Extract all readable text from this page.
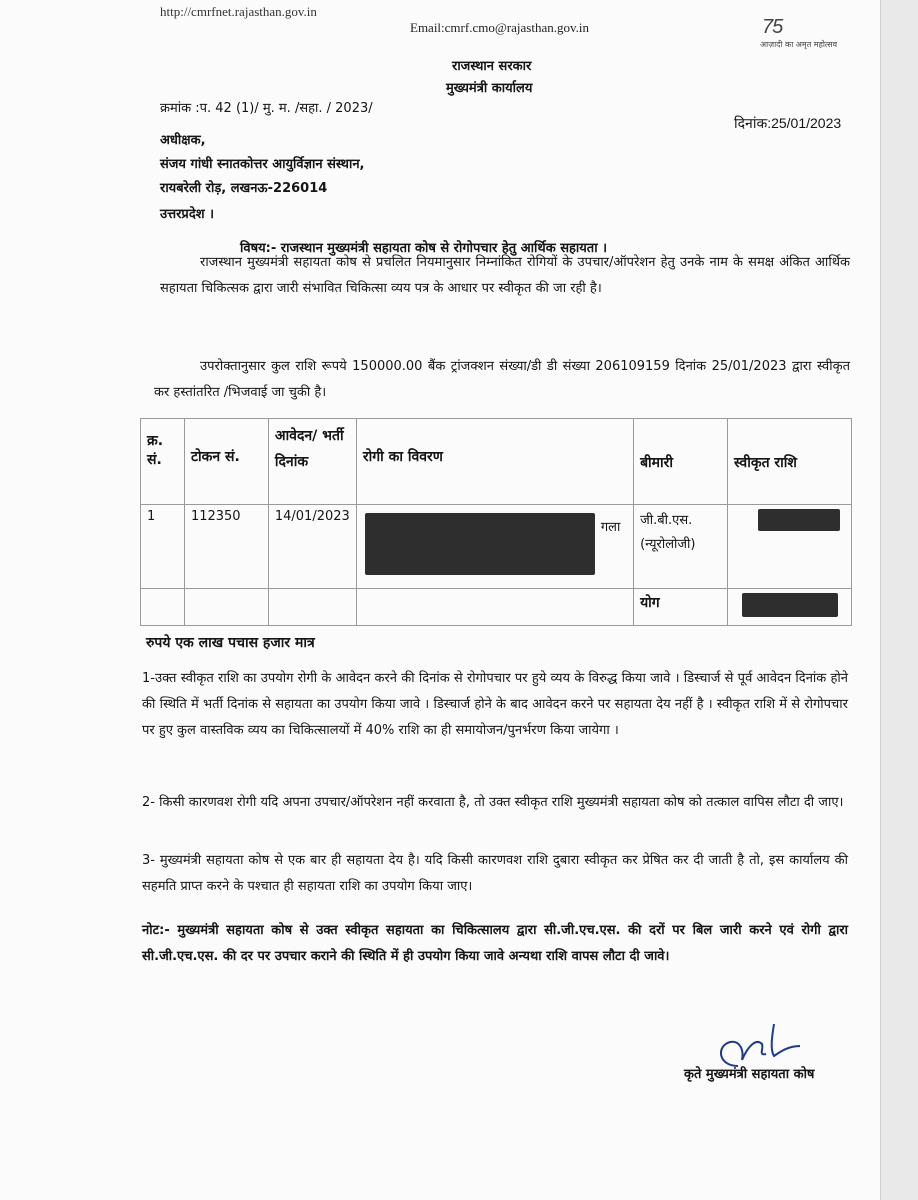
http://cmrfnet.rajasthan.gov.in
Email:cmrf.cmo@rajasthan.gov.in	75
आज़ादी का अमृत महोत्सव
राजस्थान सरकार
मुख्यमंत्री कार्यालय
क्रमांक :प. 42 (1)/ मु. म. /सहा. / 2023/
दिनांक:25/01/2023
अधीक्षक,
संजय गांधी स्नातकोत्तर आयुर्विज्ञान संस्थान,
रायबरेली रोड़, लखनऊ-226014
उत्तरप्रदेश ।
विषय:- राजस्थान मुख्यमंत्री सहायता कोष से रोगोपचार हेतु आर्थिक सहायता ।
राजस्थान मुख्यमंत्री सहायता कोष से प्रचलित नियमानुसार निम्नांकित रोगियों के उपचार/ऑपरेशन हेतु उनके नाम के समक्ष अंकित आर्थिक सहायता चिकित्सक द्वारा जारी संभावित चिकित्सा व्यय पत्र के आधार पर स्वीकृत की जा रही है।
उपरोक्तानुसार कुल राशि रूपये 150000.00 बैंक ट्रांजक्शन संख्या/डी डी संख्या 206109159 दिनांक 25/01/2023 द्वारा स्वीकृत कर हस्तांतरित /भिजवाई जा चुकी है।
क्र. सं.	टोकन सं.	आवेदन/ भर्ती दिनांक	रोगी का विवरण	बीमारी	स्वीकृत राशि
1	112350	14/01/2023	गला	जी.बी.एस. (न्यूरोलोजी)	
				योग	
रुपये एक लाख पचास हजार मात्र
1-उक्त स्वीकृत राशि का उपयोग रोगी के आवेदन करने की दिनांक से रोगोपचार पर हुये व्यय के विरुद्ध किया जावे । डिस्चार्ज से पूर्व आवेदन दिनांक होने की स्थिति में भर्ती दिनांक से सहायता का उपयोग किया जावे । डिस्चार्ज होने के बाद आवेदन करने पर सहायता देय नहीं है । स्वीकृत राशि में से रोगोपचार पर हुए कुल वास्तविक व्यय का चिकित्सालयों में 40% राशि का ही समायोजन/पुनर्भरण किया जायेगा ।
2- किसी कारणवश रोगी यदि अपना उपचार/ऑपरेशन नहीं करवाता है, तो उक्त स्वीकृत राशि मुख्यमंत्री सहायता कोष को तत्काल वापिस लौटा दी जाए।
3- मुख्यमंत्री सहायता कोष से एक बार ही सहायता देय है। यदि किसी कारणवश राशि दुबारा स्वीकृत कर प्रेषित कर दी जाती है तो, इस कार्यालय की सहमति प्राप्त करने के पश्चात ही सहायता राशि का उपयोग किया जाए।
नोट:- मुख्यमंत्री सहायता कोष से उक्त स्वीकृत सहायता का चिकित्सालय द्वारा सी.जी.एच.एस. की दरों पर बिल जारी करने एवं रोगी द्वारा सी.जी.एच.एस. की दर पर उपचार कराने की स्थिति में ही उपयोग किया जावे अन्यथा राशि वापस लौटा दी जावे।
कृते मुख्यमंत्री सहायता कोष
